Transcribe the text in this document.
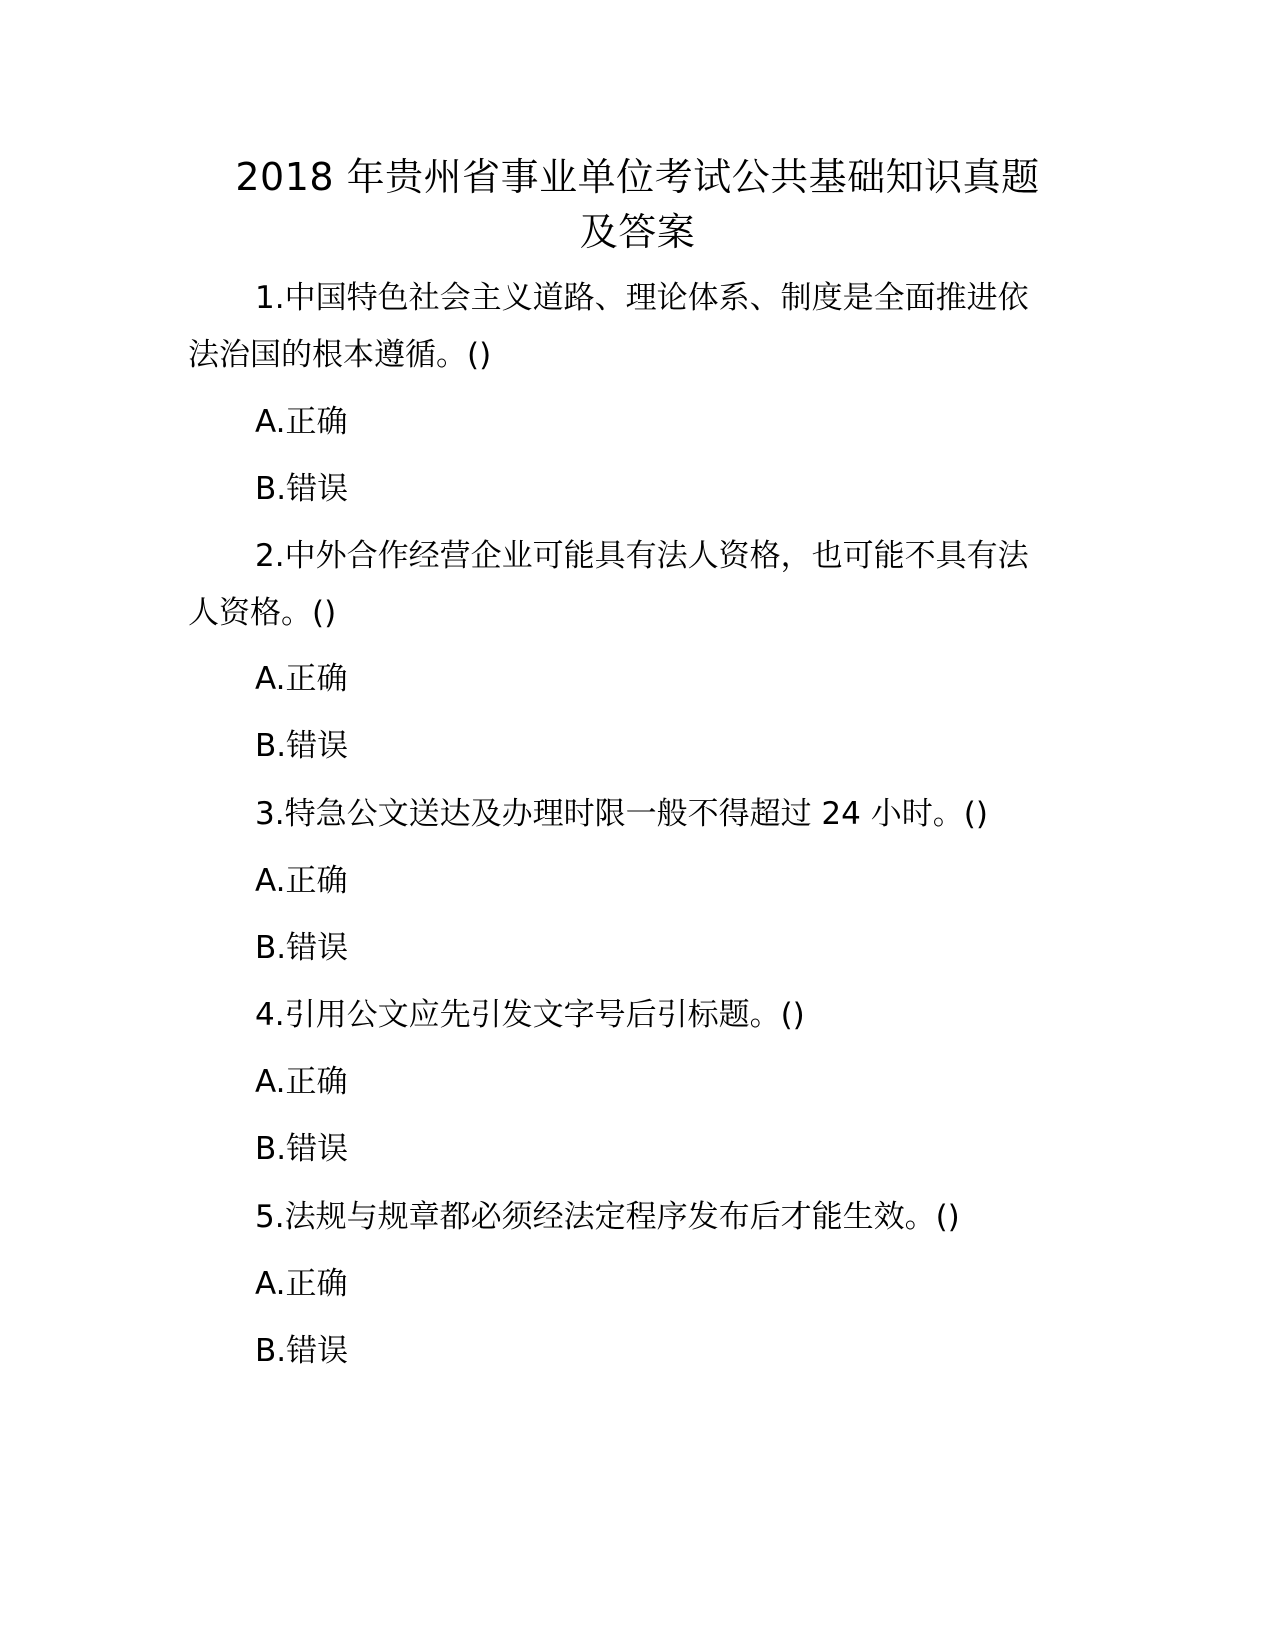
2018 年贵州省事业单位考试公共基础知识真题
及答案
1.中国特色社会主义道路、理论体系、制度是全面推进依
法治国的根本遵循。()
A.正确
B.错误
2.中外合作经营企业可能具有法人资格，也可能不具有法
人资格。()
A.正确
B.错误
3.特急公文送达及办理时限一般不得超过 24 小时。()
A.正确
B.错误
4.引用公文应先引发文字号后引标题。()
A.正确
B.错误
5.法规与规章都必须经法定程序发布后才能生效。()
A.正确
B.错误
